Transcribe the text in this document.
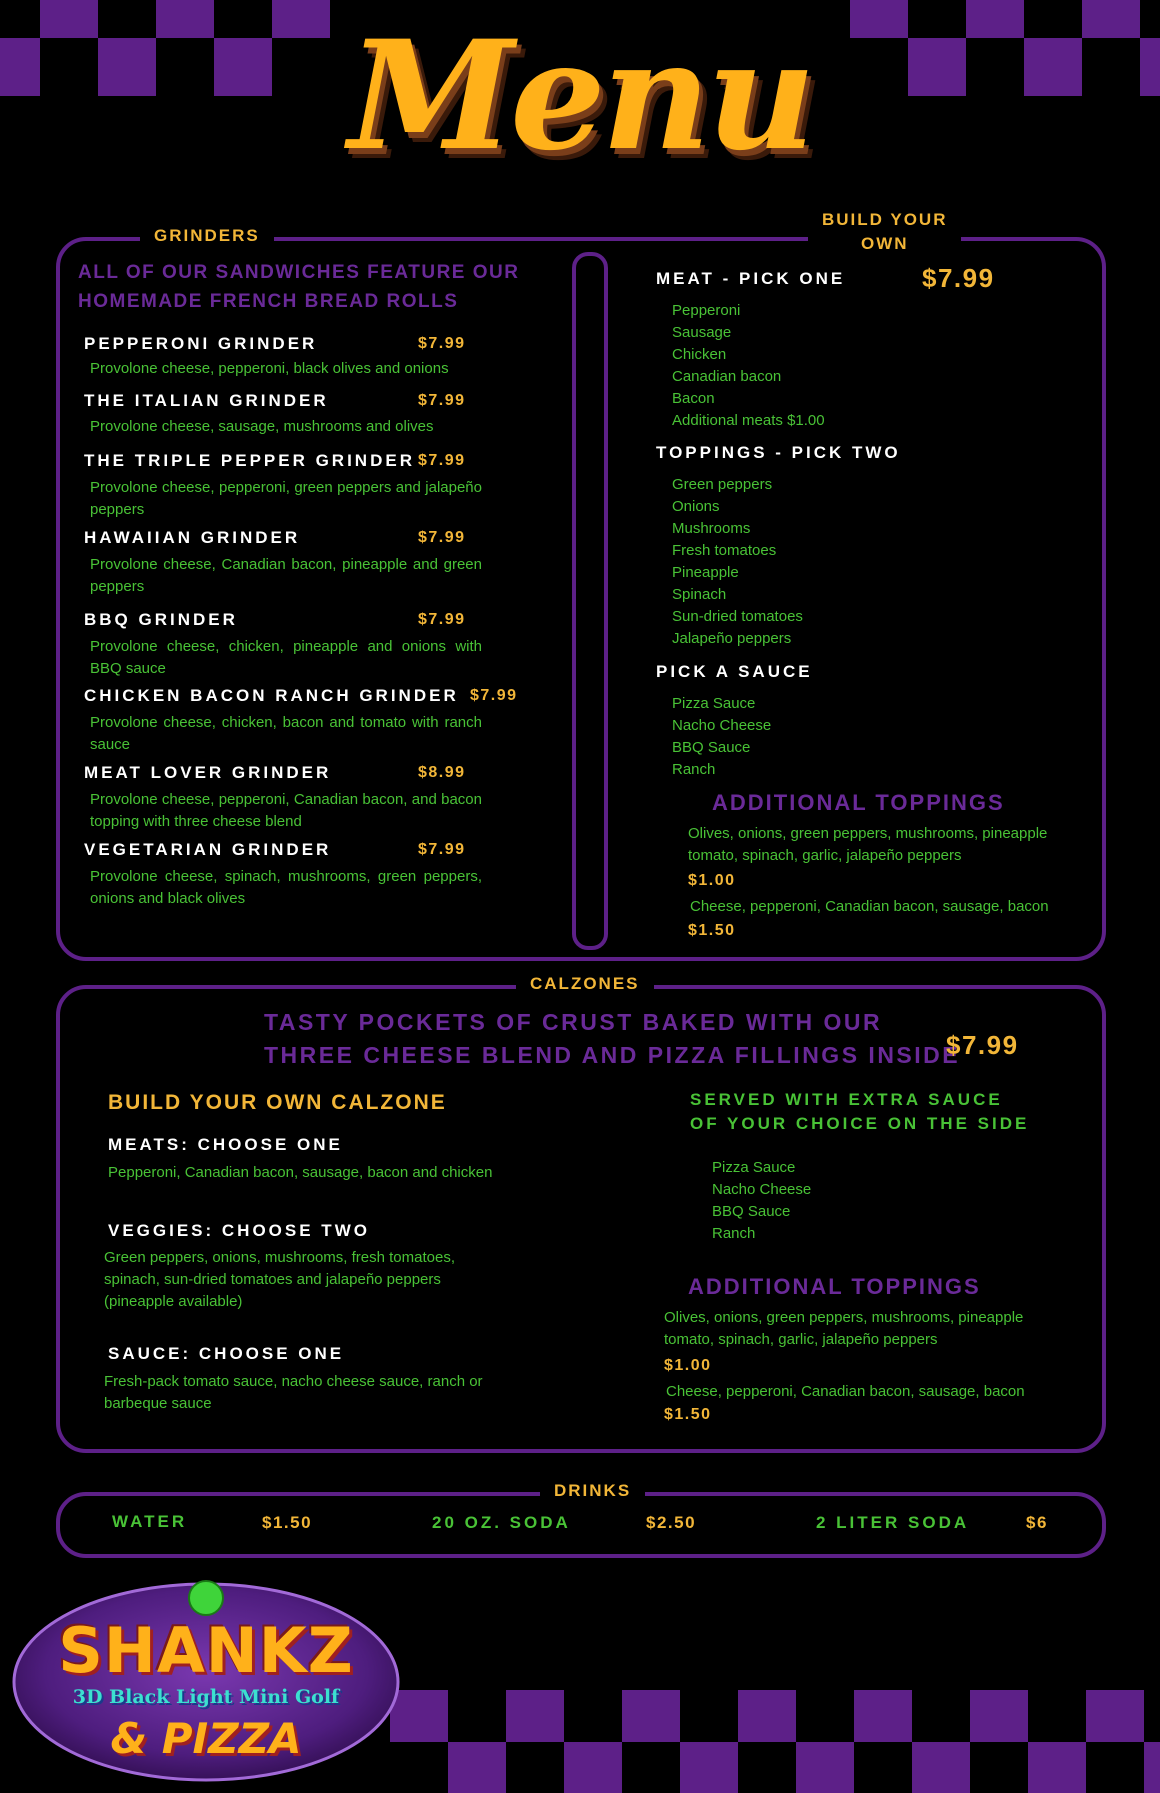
Menu
GRINDERS
BUILD YOUR
OWN
ALL OF OUR SANDWICHES FEATURE OUR HOMEMADE FRENCH BREAD ROLLS
PEPPERONI GRINDER	$7.99
Provolone cheese, pepperoni, black olives and onions
THE ITALIAN GRINDER	$7.99
Provolone cheese, sausage, mushrooms and olives
THE TRIPLE PEPPER GRINDER $7.99
Provolone cheese, pepperoni, green peppers and jalapeño peppers
HAWAIIAN GRINDER	$7.99
Provolone cheese, Canadian bacon, pineapple and green peppers
BBQ GRINDER	$7.99
Provolone cheese, chicken, pineapple and onions with BBQ sauce
CHICKEN BACON RANCH GRINDER $7.99
Provolone cheese, chicken, bacon and tomato with ranch sauce
MEAT LOVER GRINDER	$8.99
Provolone cheese, pepperoni, Canadian bacon, and bacon topping with three cheese blend
VEGETARIAN GRINDER	$7.99
Provolone cheese, spinach, mushrooms, green peppers, onions and black olives
MEAT - PICK ONE	$7.99
Pepperoni
Sausage
Chicken
Canadian bacon
Bacon
Additional meats $1.00
TOPPINGS - PICK TWO
Green peppers
Onions
Mushrooms
Fresh tomatoes
Pineapple
Spinach
Sun-dried tomatoes
Jalapeño peppers
PICK A SAUCE
Pizza Sauce
Nacho Cheese
BBQ Sauce
Ranch
ADDITIONAL TOPPINGS
Olives, onions, green peppers, mushrooms, pineapple tomato, spinach, garlic, jalapeño peppers
$1.00
Cheese, pepperoni, Canadian bacon, sausage, bacon
$1.50
CALZONES
TASTY POCKETS OF CRUST BAKED WITH OUR
THREE CHEESE BLEND AND PIZZA FILLINGS INSIDE
$7.99
BUILD YOUR OWN CALZONE
MEATS: CHOOSE ONE
Pepperoni, Canadian bacon, sausage, bacon and chicken
VEGGIES: CHOOSE TWO
Green peppers, onions, mushrooms, fresh tomatoes, spinach, sun-dried tomatoes and jalapeño peppers (pineapple available)
SAUCE: CHOOSE ONE
Fresh-pack tomato sauce, nacho cheese sauce, ranch or barbeque sauce
SERVED WITH EXTRA SAUCE
OF YOUR CHOICE ON THE SIDE
Pizza Sauce
Nacho Cheese
BBQ Sauce
Ranch
ADDITIONAL TOPPINGS
Olives, onions, green peppers, mushrooms, pineapple tomato, spinach, garlic, jalapeño peppers
$1.00
Cheese, pepperoni, Canadian bacon, sausage, bacon
$1.50
DRINKS
WATER	$1.50	20 OZ. SODA	$2.50	2 LITER SODA	$6
SHANKZ
3D Black Light Mini Golf
& PIZZA
